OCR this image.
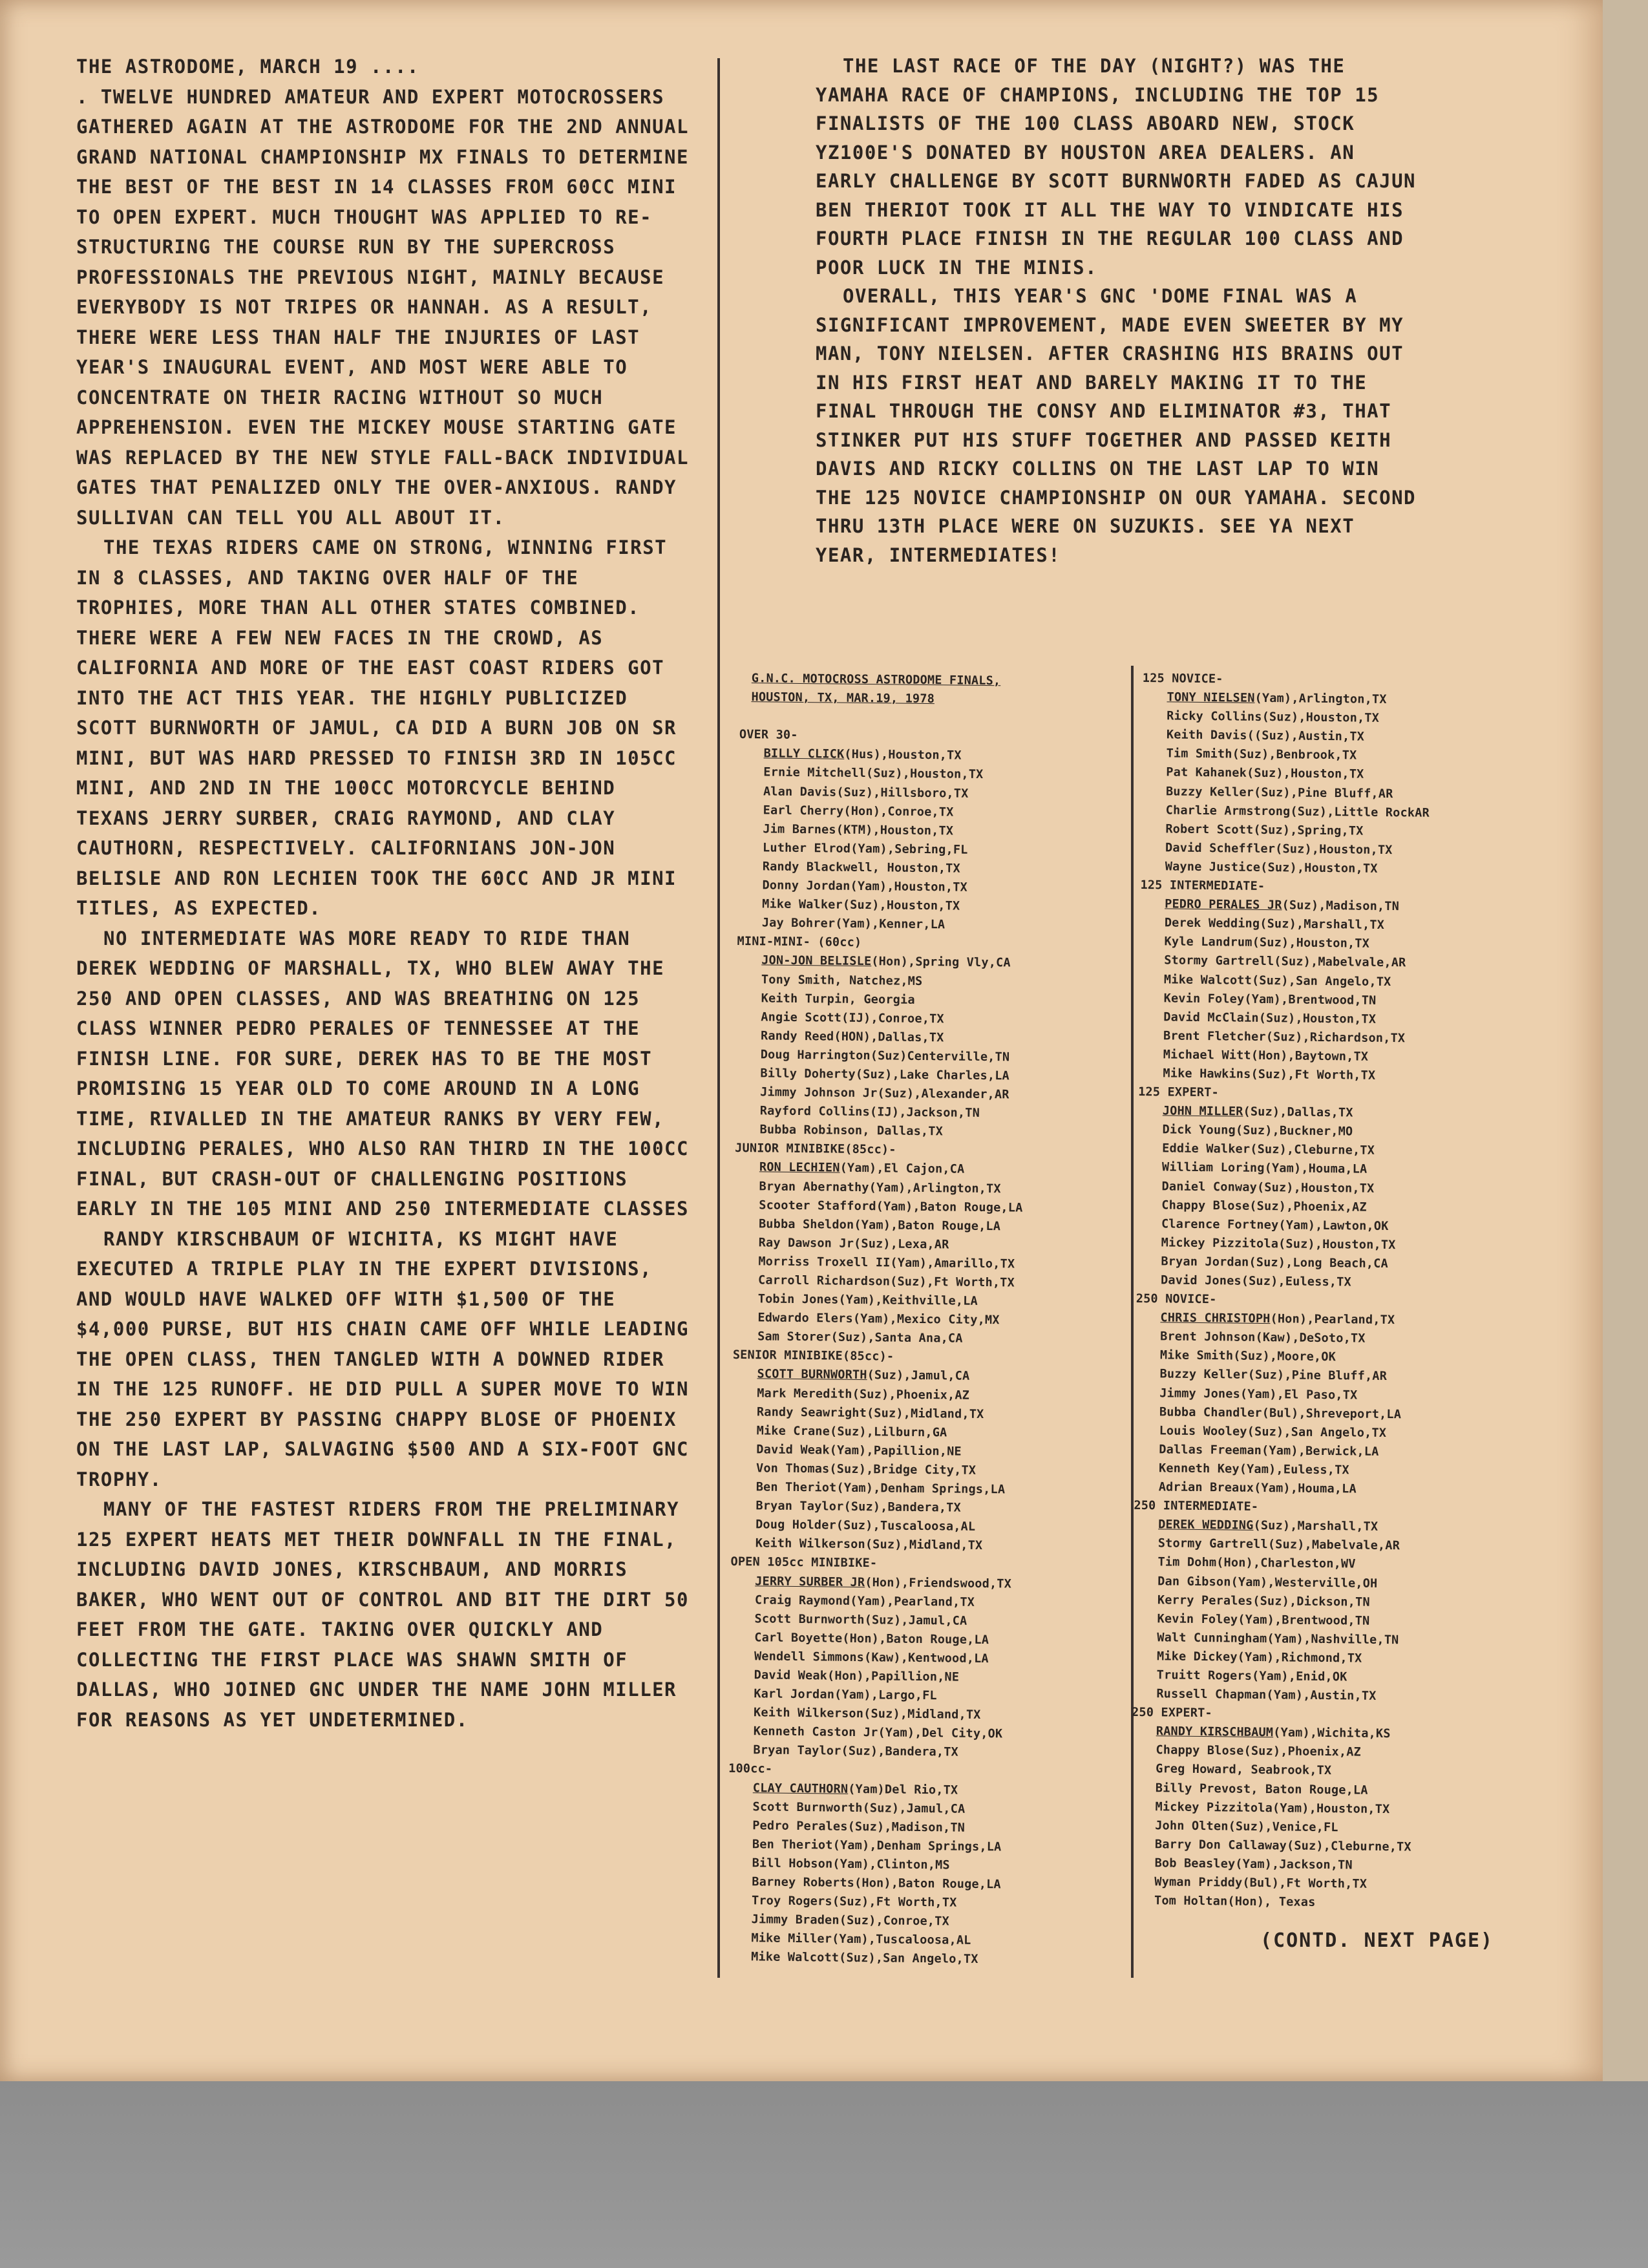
THE ASTRODOME, MARCH 19 ....

. TWELVE HUNDRED AMATEUR AND EXPERT MOTOCROSSERS GATHERED AGAIN AT THE ASTRODOME FOR THE 2ND ANNUAL GRAND NATIONAL CHAMPIONSHIP MX FINALS TO DETERMINE THE BEST OF THE BEST IN 14 CLASSES FROM 60CC MINI TO OPEN EXPERT. MUCH THOUGHT WAS APPLIED TO RE-STRUCTURING THE COURSE RUN BY THE SUPERCROSS PROFESSIONALS THE PREVIOUS NIGHT, MAINLY BECAUSE EVERYBODY IS NOT TRIPES OR HANNAH. AS A RESULT, THERE WERE LESS THAN HALF THE INJURIES OF LAST YEAR'S INAUGURAL EVENT, AND MOST WERE ABLE TO CONCENTRATE ON THEIR RACING WITHOUT SO MUCH APPREHENSION. EVEN THE MICKEY MOUSE STARTING GATE WAS REPLACED BY THE NEW STYLE FALL-BACK INDIVIDUAL GATES THAT PENALIZED ONLY THE OVER-ANXIOUS. RANDY SULLIVAN CAN TELL YOU ALL ABOUT IT.

THE TEXAS RIDERS CAME ON STRONG, WINNING FIRST IN 8 CLASSES, AND TAKING OVER HALF OF THE TROPHIES, MORE THAN ALL OTHER STATES COMBINED. THERE WERE A FEW NEW FACES IN THE CROWD, AS CALIFORNIA AND MORE OF THE EAST COAST RIDERS GOT INTO THE ACT THIS YEAR. THE HIGHLY PUBLICIZED SCOTT BURNWORTH OF JAMUL, CA DID A BURN JOB ON SR MINI, BUT WAS HARD PRESSED TO FINISH 3RD IN 105CC MINI, AND 2ND IN THE 100CC MOTORCYCLE BEHIND TEXANS JERRY SURBER, CRAIG RAYMOND, AND CLAY CAUTHORN, RESPECTIVELY. CALIFORNIANS JON-JON BELISLE AND RON LECHIEN TOOK THE 60CC AND JR MINI TITLES, AS EXPECTED.

NO INTERMEDIATE WAS MORE READY TO RIDE THAN DEREK WEDDING OF MARSHALL, TX, WHO BLEW AWAY THE 250 AND OPEN CLASSES, AND WAS BREATHING ON 125 CLASS WINNER PEDRO PERALES OF TENNESSEE AT THE FINISH LINE. FOR SURE, DEREK HAS TO BE THE MOST PROMISING 15 YEAR OLD TO COME AROUND IN A LONG TIME, RIVALLED IN THE AMATEUR RANKS BY VERY FEW, INCLUDING PERALES, WHO ALSO RAN THIRD IN THE 100CC FINAL, BUT CRASH-OUT OF CHALLENGING POSITIONS EARLY IN THE 105 MINI AND 250 INTERMEDIATE CLASSES

RANDY KIRSCHBAUM OF WICHITA, KS MIGHT HAVE EXECUTED A TRIPLE PLAY IN THE EXPERT DIVISIONS, AND WOULD HAVE WALKED OFF WITH $1,500 OF THE $4,000 PURSE, BUT HIS CHAIN CAME OFF WHILE LEADING THE OPEN CLASS, THEN TANGLED WITH A DOWNED RIDER IN THE 125 RUNOFF. HE DID PULL A SUPER MOVE TO WIN THE 250 EXPERT BY PASSING CHAPPY BLOSE OF PHOENIX ON THE LAST LAP, SALVAGING $500 AND A SIX-FOOT GNC TROPHY.

MANY OF THE FASTEST RIDERS FROM THE PRELIMINARY 125 EXPERT HEATS MET THEIR DOWNFALL IN THE FINAL, INCLUDING DAVID JONES, KIRSCHBAUM, AND MORRIS BAKER, WHO WENT OUT OF CONTROL AND BIT THE DIRT 50 FEET FROM THE GATE. TAKING OVER QUICKLY AND COLLECTING THE FIRST PLACE WAS SHAWN SMITH OF DALLAS, WHO JOINED GNC UNDER THE NAME JOHN MILLER FOR REASONS AS YET UNDETERMINED.

THE LAST RACE OF THE DAY (NIGHT?) WAS THE YAMAHA RACE OF CHAMPIONS, INCLUDING THE TOP 15 FINALISTS OF THE 100 CLASS ABOARD NEW, STOCK YZ100E'S DONATED BY HOUSTON AREA DEALERS. AN EARLY CHALLENGE BY SCOTT BURNWORTH FADED AS CAJUN BEN THERIOT TOOK IT ALL THE WAY TO VINDICATE HIS FOURTH PLACE FINISH IN THE REGULAR 100 CLASS AND POOR LUCK IN THE MINIS.

OVERALL, THIS YEAR'S GNC 'DOME FINAL WAS A SIGNIFICANT IMPROVEMENT, MADE EVEN SWEETER BY MY MAN, TONY NIELSEN. AFTER CRASHING HIS BRAINS OUT IN HIS FIRST HEAT AND BARELY MAKING IT TO THE FINAL THROUGH THE CONSY AND ELIMINATOR #3, THAT STINKER PUT HIS STUFF TOGETHER AND PASSED KEITH DAVIS AND RICKY COLLINS ON THE LAST LAP TO WIN THE 125 NOVICE CHAMPIONSHIP ON OUR YAMAHA. SECOND THRU 13TH PLACE WERE ON SUZUKIS. SEE YA NEXT YEAR, INTERMEDIATES!

G.N.C. MOTOCROSS ASTRODOME FINALS,
HOUSTON, TX, MAR.19, 1978
OVER 30-
BILLY CLICK(Hus),Houston,TX
Ernie Mitchell(Suz),Houston,TX
Alan Davis(Suz),Hillsboro,TX
Earl Cherry(Hon),Conroe,TX
Jim Barnes(KTM),Houston,TX
Luther Elrod(Yam),Sebring,FL
Randy Blackwell, Houston,TX
Donny Jordan(Yam),Houston,TX
Mike Walker(Suz),Houston,TX
Jay Bohrer(Yam),Kenner,LA
MINI-MINI- (60cc)
JON-JON BELISLE(Hon),Spring Vly,CA
Tony Smith, Natchez,MS
Keith Turpin, Georgia
Angie Scott(IJ),Conroe,TX
Randy Reed(HON),Dallas,TX
Doug Harrington(Suz)Centerville,TN
Billy Doherty(Suz),Lake Charles,LA
Jimmy Johnson Jr(Suz),Alexander,AR
Rayford Collins(IJ),Jackson,TN
Bubba Robinson, Dallas,TX
JUNIOR MINIBIKE(85cc)-
RON LECHIEN(Yam),El Cajon,CA
Bryan Abernathy(Yam),Arlington,TX
Scooter Stafford(Yam),Baton Rouge,LA
Bubba Sheldon(Yam),Baton Rouge,LA
Ray Dawson Jr(Suz),Lexa,AR
Morriss Troxell II(Yam),Amarillo,TX
Carroll Richardson(Suz),Ft Worth,TX
Tobin Jones(Yam),Keithville,LA
Edwardo Elers(Yam),Mexico City,MX
Sam Storer(Suz),Santa Ana,CA
SENIOR MINIBIKE(85cc)-
SCOTT BURNWORTH(Suz),Jamul,CA
Mark Meredith(Suz),Phoenix,AZ
Randy Seawright(Suz),Midland,TX
Mike Crane(Suz),Lilburn,GA
David Weak(Yam),Papillion,NE
Von Thomas(Suz),Bridge City,TX
Ben Theriot(Yam),Denham Springs,LA
Bryan Taylor(Suz),Bandera,TX
Doug Holder(Suz),Tuscaloosa,AL
Keith Wilkerson(Suz),Midland,TX
OPEN 105cc MINIBIKE-
JERRY SURBER JR(Hon),Friendswood,TX
Craig Raymond(Yam),Pearland,TX
Scott Burnworth(Suz),Jamul,CA
Carl Boyette(Hon),Baton Rouge,LA
Wendell Simmons(Kaw),Kentwood,LA
David Weak(Hon),Papillion,NE
Karl Jordan(Yam),Largo,FL
Keith Wilkerson(Suz),Midland,TX
Kenneth Caston Jr(Yam),Del City,OK
Bryan Taylor(Suz),Bandera,TX
100cc-
CLAY CAUTHORN(Yam)Del Rio,TX
Scott Burnworth(Suz),Jamul,CA
Pedro Perales(Suz),Madison,TN
Ben Theriot(Yam),Denham Springs,LA
Bill Hobson(Yam),Clinton,MS
Barney Roberts(Hon),Baton Rouge,LA
Troy Rogers(Suz),Ft Worth,TX
Jimmy Braden(Suz),Conroe,TX
Mike Miller(Yam),Tuscaloosa,AL
Mike Walcott(Suz),San Angelo,TX
125 NOVICE-
TONY NIELSEN(Yam),Arlington,TX
Ricky Collins(Suz),Houston,TX
Keith Davis((Suz),Austin,TX
Tim Smith(Suz),Benbrook,TX
Pat Kahanek(Suz),Houston,TX
Buzzy Keller(Suz),Pine Bluff,AR
Charlie Armstrong(Suz),Little RockAR
Robert Scott(Suz),Spring,TX
David Scheffler(Suz),Houston,TX
Wayne Justice(Suz),Houston,TX
125 INTERMEDIATE-
PEDRO PERALES JR(Suz),Madison,TN
Derek Wedding(Suz),Marshall,TX
Kyle Landrum(Suz),Houston,TX
Stormy Gartrell(Suz),Mabelvale,AR
Mike Walcott(Suz),San Angelo,TX
Kevin Foley(Yam),Brentwood,TN
David McClain(Suz),Houston,TX
Brent Fletcher(Suz),Richardson,TX
Michael Witt(Hon),Baytown,TX
Mike Hawkins(Suz),Ft Worth,TX
125 EXPERT-
JOHN MILLER(Suz),Dallas,TX
Dick Young(Suz),Buckner,MO
Eddie Walker(Suz),Cleburne,TX
William Loring(Yam),Houma,LA
Daniel Conway(Suz),Houston,TX
Chappy Blose(Suz),Phoenix,AZ
Clarence Fortney(Yam),Lawton,OK
Mickey Pizzitola(Suz),Houston,TX
Bryan Jordan(Suz),Long Beach,CA
David Jones(Suz),Euless,TX
250 NOVICE-
CHRIS CHRISTOPH(Hon),Pearland,TX
Brent Johnson(Kaw),DeSoto,TX
Mike Smith(Suz),Moore,OK
Buzzy Keller(Suz),Pine Bluff,AR
Jimmy Jones(Yam),El Paso,TX
Bubba Chandler(Bul),Shreveport,LA
Louis Wooley(Suz),San Angelo,TX
Dallas Freeman(Yam),Berwick,LA
Kenneth Key(Yam),Euless,TX
Adrian Breaux(Yam),Houma,LA
250 INTERMEDIATE-
DEREK WEDDING(Suz),Marshall,TX
Stormy Gartrell(Suz),Mabelvale,AR
Tim Dohm(Hon),Charleston,WV
Dan Gibson(Yam),Westerville,OH
Kerry Perales(Suz),Dickson,TN
Kevin Foley(Yam),Brentwood,TN
Walt Cunningham(Yam),Nashville,TN
Mike Dickey(Yam),Richmond,TX
Truitt Rogers(Yam),Enid,OK
Russell Chapman(Yam),Austin,TX
250 EXPERT-
RANDY KIRSCHBAUM(Yam),Wichita,KS
Chappy Blose(Suz),Phoenix,AZ
Greg Howard, Seabrook,TX
Billy Prevost, Baton Rouge,LA
Mickey Pizzitola(Yam),Houston,TX
John Olten(Suz),Venice,FL
Barry Don Callaway(Suz),Cleburne,TX
Bob Beasley(Yam),Jackson,TN
Wyman Priddy(Bul),Ft Worth,TX
Tom Holtan(Hon), Texas
(CONTD. NEXT PAGE)
